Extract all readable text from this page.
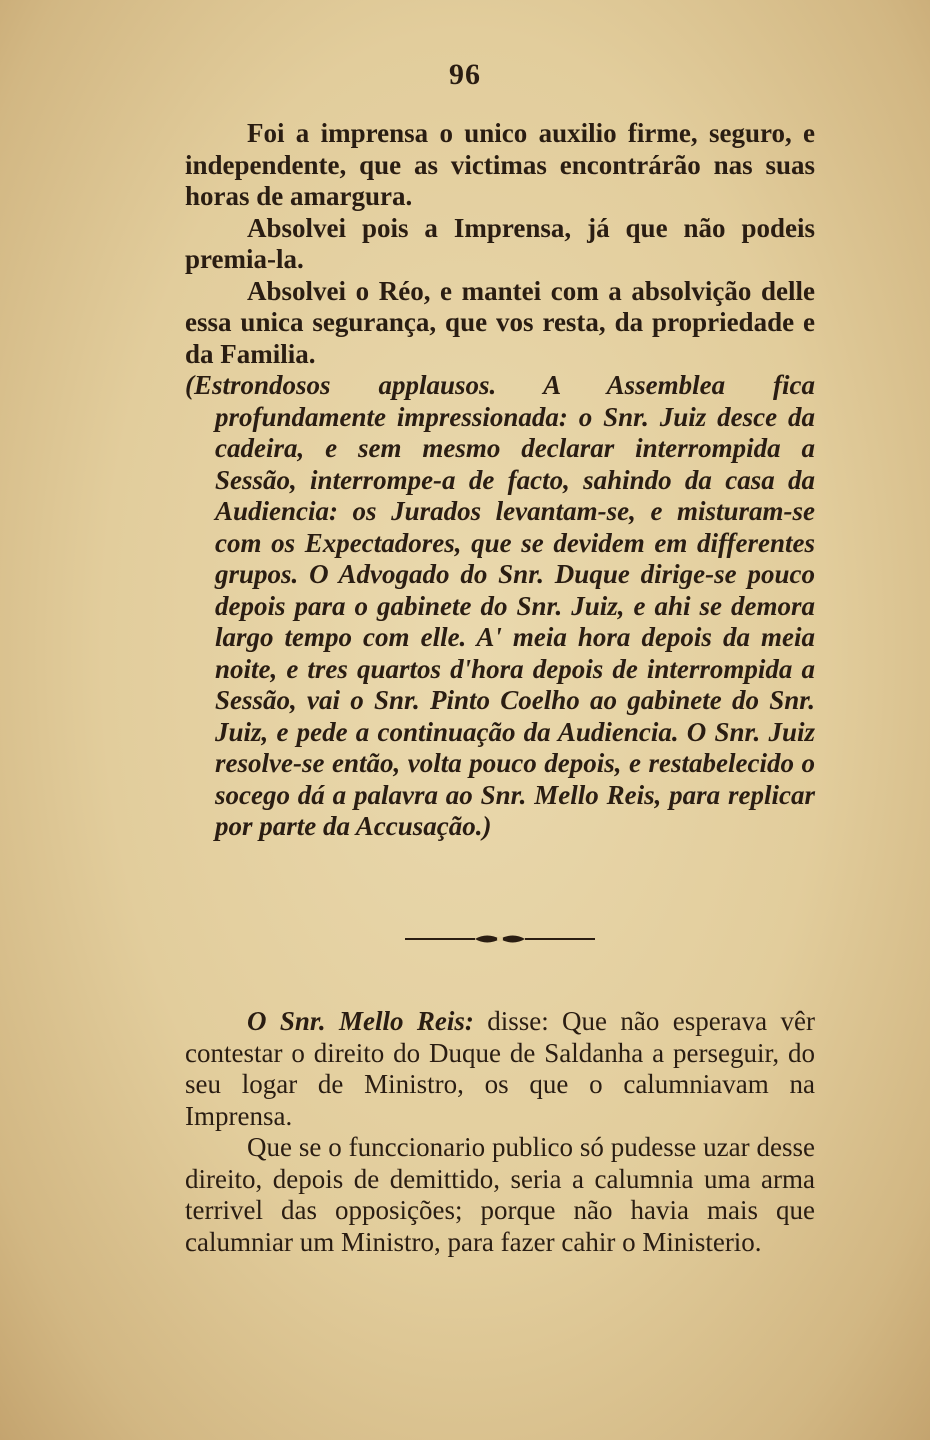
96

Foi a imprensa o unico auxilio firme, seguro, e independente, que as victimas encontrárão nas suas horas de amargura.

Absolvei pois a Imprensa, já que não podeis premia-la.

Absolvei o Réo, e mantei com a absolvição delle essa unica segurança, que vos resta, da propriedade e da Familia.

(Estrondosos applausos. A Assemblea fica profundamente impressionada: o Snr. Juiz desce da cadeira, e sem mesmo declarar interrompida a Sessão, interrompe-a de facto, sahindo da casa da Audiencia: os Jurados levantam-se, e misturam-se com os Expectadores, que se devidem em differentes grupos. O Advogado do Snr. Duque dirige-se pouco depois para o gabinete do Snr. Juiz, e ahi se demora largo tempo com elle. A' meia hora depois da meia noite, e tres quartos d'hora depois de interrompida a Sessão, vai o Snr. Pinto Coelho ao gabinete do Snr. Juiz, e pede a continuação da Audiencia. O Snr. Juiz resolve-se então, volta pouco depois, e restabelecido o socego dá a palavra ao Snr. Mello Reis, para replicar por parte da Accusação.)

O Snr. Mello Reis: disse: Que não esperava vêr contestar o direito do Duque de Saldanha a perseguir, do seu logar de Ministro, os que o calumniavam na Imprensa.

Que se o funccionario publico só pudesse uzar desse direito, depois de demittido, seria a calumnia uma arma terrivel das opposições; porque não havia mais que calumniar um Ministro, para fazer cahir o Ministerio.
